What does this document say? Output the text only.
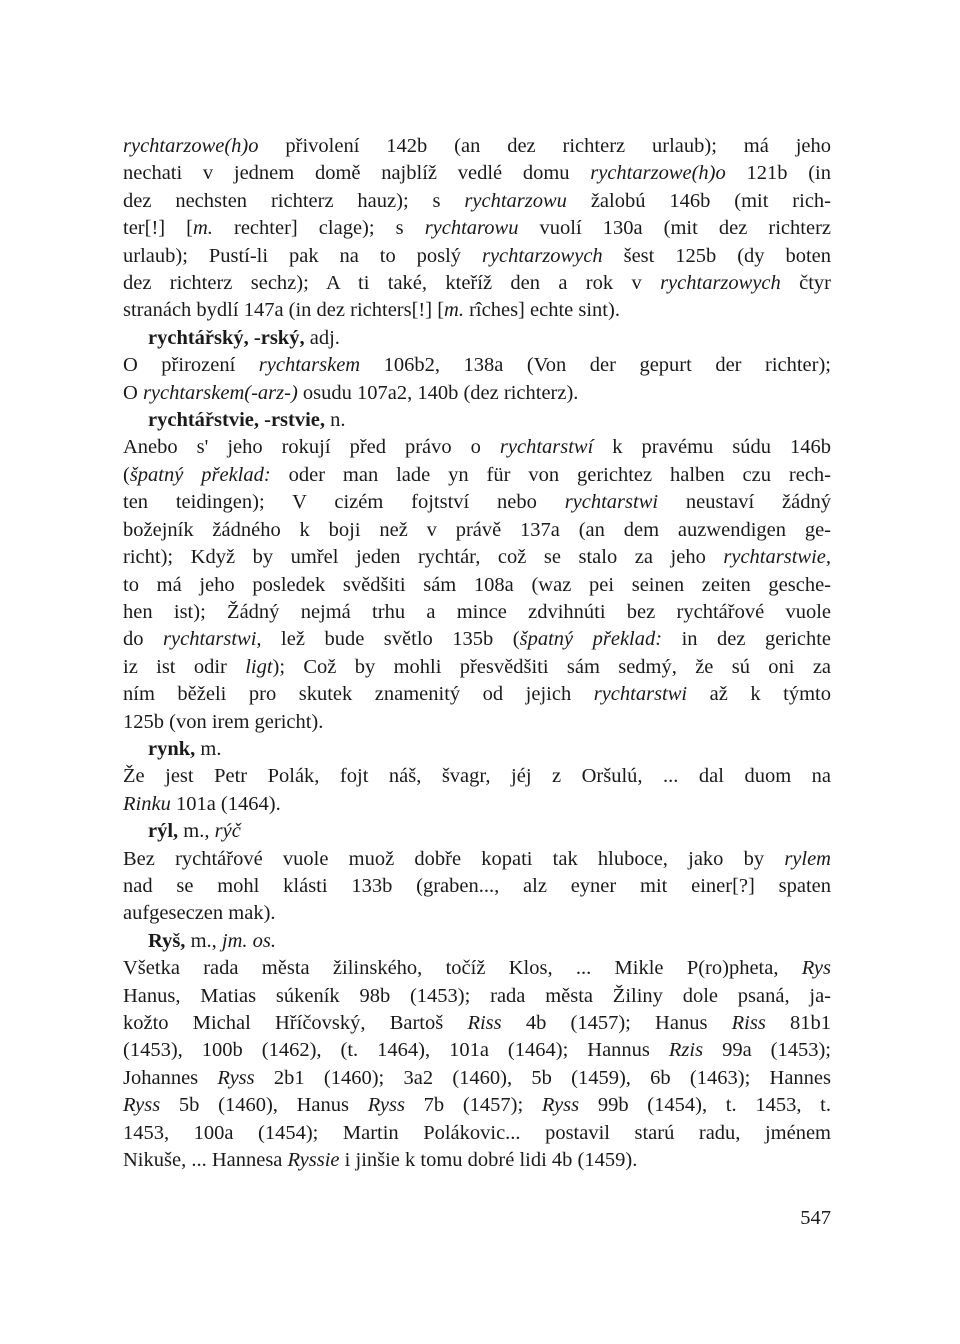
rychtarzowe(h)o přivolení 142b (an dez richterz urlaub); má jeho
nechati v jednem domě najblíž vedlé domu rychtarzowe(h)o 121b (in
dez nechsten richterz hauz); s rychtarzowu žalobú 146b (mit rich-
ter[!] [m. rechter] clage); s rychtarowu vuolí 130a (mit dez richterz
urlaub); Pustí-li pak na to poslý rychtarzowych šest 125b (dy boten
dez richterz sechz); A ti také, kteříž den a rok v rychtarzowych čtyr
stranách bydlí 147a (in dez richters[!] [m. rîches] echte sint).
rychtářský, -rský, adj.
O přirození rychtarskem 106b2, 138a (Von der gepurt der richter);
O rychtarskem(-arz-) osudu 107a2, 140b (dez richterz).
rychtářstvie, -rstvie, n.
Anebo s' jeho rokují před právo o rychtarstwí k pravému súdu 146b
(špatný překlad: oder man lade yn für von gerichtez halben czu rech-
ten teidingen); V cizém fojtství nebo rychtarstwi neustaví žádný
božejník žádného k boji než v právě 137a (an dem auzwendigen ge-
richt); Když by umřel jeden rychtár, což se stalo za jeho rychtarstwie,
to má jeho posledek svědšiti sám 108a (waz pei seinen zeiten gesche-
hen ist); Žádný nejmá trhu a mince zdvihnúti bez rychtářové vuole
do rychtarstwi, lež bude světlo 135b (špatný překlad: in dez gerichte
iz ist odir ligt); Což by mohli přesvědšiti sám sedmý, že sú oni za
ním běželi pro skutek znamenitý od jejich rychtarstwi až k týmto
125b (von irem gericht).
rynk, m.
Že jest Petr Polák, fojt náš, švagr, jéj z Oršulú, ... dal duom na
Rinku 101a (1464).
rýl, m., rýč
Bez rychtářové vuole muož dobře kopati tak hluboce, jako by rylem
nad se mohl klásti 133b (graben..., alz eyner mit einer[?] spaten
aufgeseczen mak).
Ryš, m., jm. os.
Všetka rada města žilinského, točíž Klos, ... Mikle P(ro)pheta, Rys
Hanus, Matias súkeník 98b (1453); rada města Žiliny dole psaná, ja-
kožto Michal Hříčovský, Bartoš Riss 4b (1457); Hanus Riss 81b1
(1453), 100b (1462), (t. 1464), 101a (1464); Hannus Rzis 99a (1453);
Johannes Ryss 2b1 (1460); 3a2 (1460), 5b (1459), 6b (1463); Hannes
Ryss 5b (1460), Hanus Ryss 7b (1457); Ryss 99b (1454), t. 1453, t.
1453, 100a (1454); Martin Polákovic... postavil starú radu, jménem
Nikuše, ... Hannesa Ryssie i jinšie k tomu dobré lidi 4b (1459).
547
